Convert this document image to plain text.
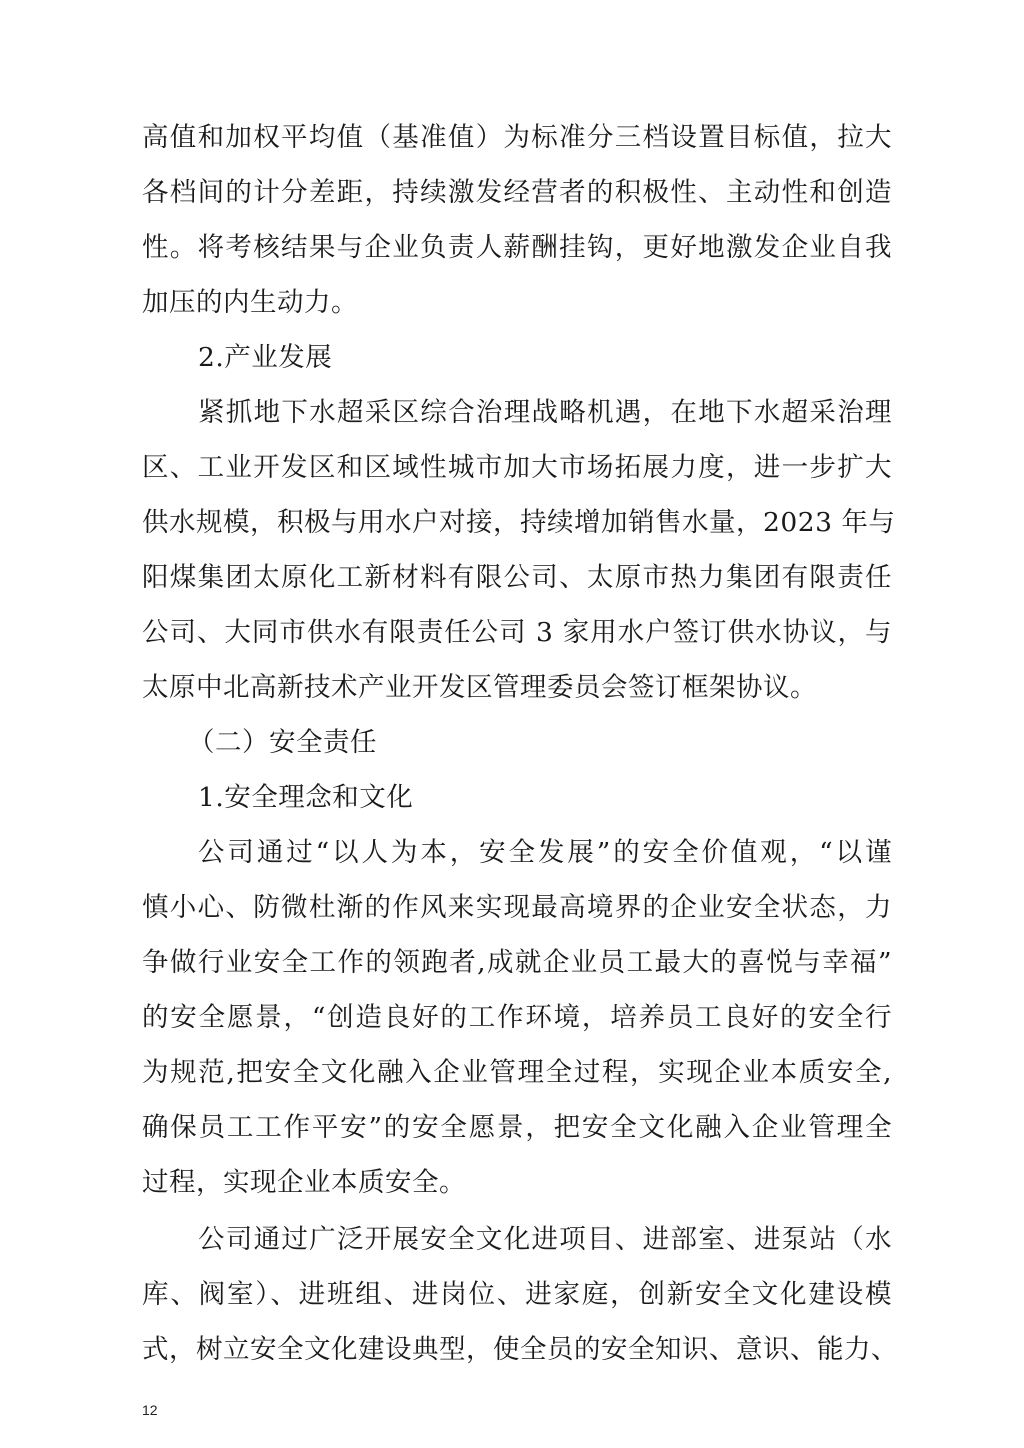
高值和加权平均值（基准值）为标准分三档设置目标值，拉大
各档间的计分差距，持续激发经营者的积极性、主动性和创造
性。将考核结果与企业负责人薪酬挂钩，更好地激发企业自我
加压的内生动力。
2.产业发展
紧抓地下水超采区综合治理战略机遇，在地下水超采治理
区、工业开发区和区域性城市加大市场拓展力度，进一步扩大
供水规模，积极与用水户对接，持续增加销售水量，2023 年与
阳煤集团太原化工新材料有限公司、太原市热力集团有限责任
公司、大同市供水有限责任公司 3 家用水户签订供水协议，与
太原中北高新技术产业开发区管理委员会签订框架协议。
（二）安全责任
1.安全理念和文化
公司通过“以人为本，安全发展”的安全价值观，“以谨
慎小心、防微杜渐的作风来实现最高境界的企业安全状态，力
争做行业安全工作的领跑者,成就企业员工最大的喜悦与幸福”
的安全愿景，“创造良好的工作环境，培养员工良好的安全行
为规范,把安全文化融入企业管理全过程，实现企业本质安全,
确保员工工作平安”的安全愿景，把安全文化融入企业管理全
过程，实现企业本质安全。
公司通过广泛开展安全文化进项目、进部室、进泵站（水
库、阀室）、进班组、进岗位、进家庭，创新安全文化建设模
式，树立安全文化建设典型，使全员的安全知识、意识、能力、
12
